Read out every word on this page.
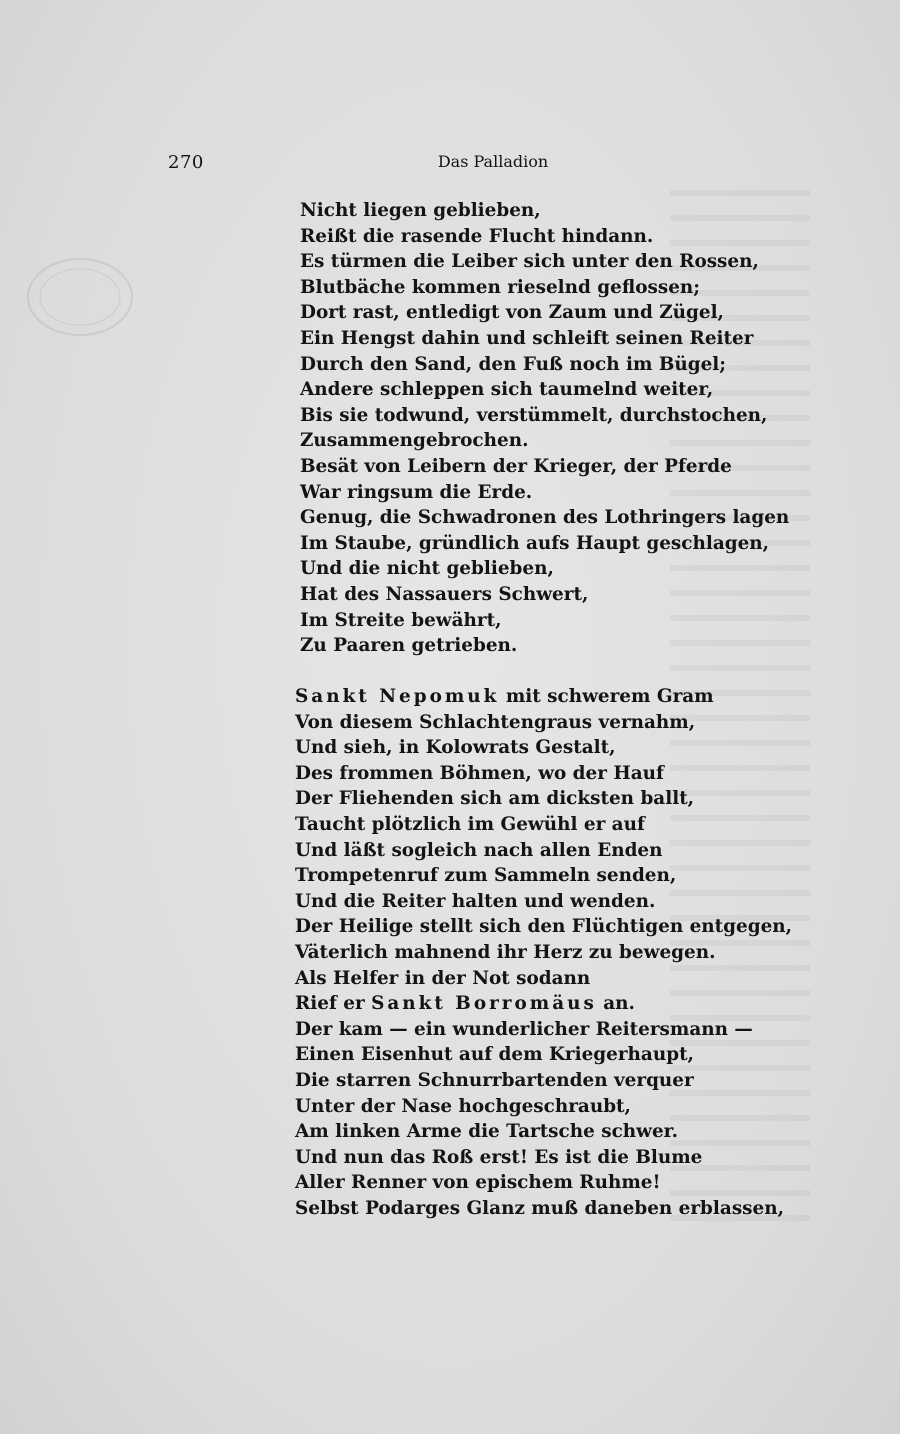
270	Das Palladion
Nicht liegen geblieben,
Reißt die rasende Flucht hindann.
Es türmen die Leiber sich unter den Rossen,
Blutbäche kommen rieselnd geflossen;
Dort rast, entledigt von Zaum und Zügel,
Ein Hengst dahin und schleift seinen Reiter
Durch den Sand, den Fuß noch im Bügel;
Andere schleppen sich taumelnd weiter,
Bis sie todwund, verstümmelt, durchstochen,
Zusammengebrochen.
Besät von Leibern der Krieger, der Pferde
War ringsum die Erde.
Genug, die Schwadronen des Lothringers lagen
Im Staube, gründlich aufs Haupt geschlagen,
Und die nicht geblieben,
Hat des Nassauers Schwert,
Im Streite bewährt,
Zu Paaren getrieben.
Sankt Nepomuk mit schwerem Gram
Von diesem Schlachtengraus vernahm,
Und sieh, in Kolowrats Gestalt,
Des frommen Böhmen, wo der Hauf
Der Fliehenden sich am dicksten ballt,
Taucht plötzlich im Gewühl er auf
Und läßt sogleich nach allen Enden
Trompetenruf zum Sammeln senden,
Und die Reiter halten und wenden.
Der Heilige stellt sich den Flüchtigen entgegen,
Väterlich mahnend ihr Herz zu bewegen.
Als Helfer in der Not sodann
Rief er Sankt Borromäus an.
Der kam — ein wunderlicher Reitersmann —
Einen Eisenhut auf dem Kriegerhaupt,
Die starren Schnurrbartenden verquer
Unter der Nase hochgeschraubt,
Am linken Arme die Tartsche schwer.
Und nun das Roß erst! Es ist die Blume
Aller Renner von epischem Ruhme!
Selbst Podarges Glanz muß daneben erblassen,
